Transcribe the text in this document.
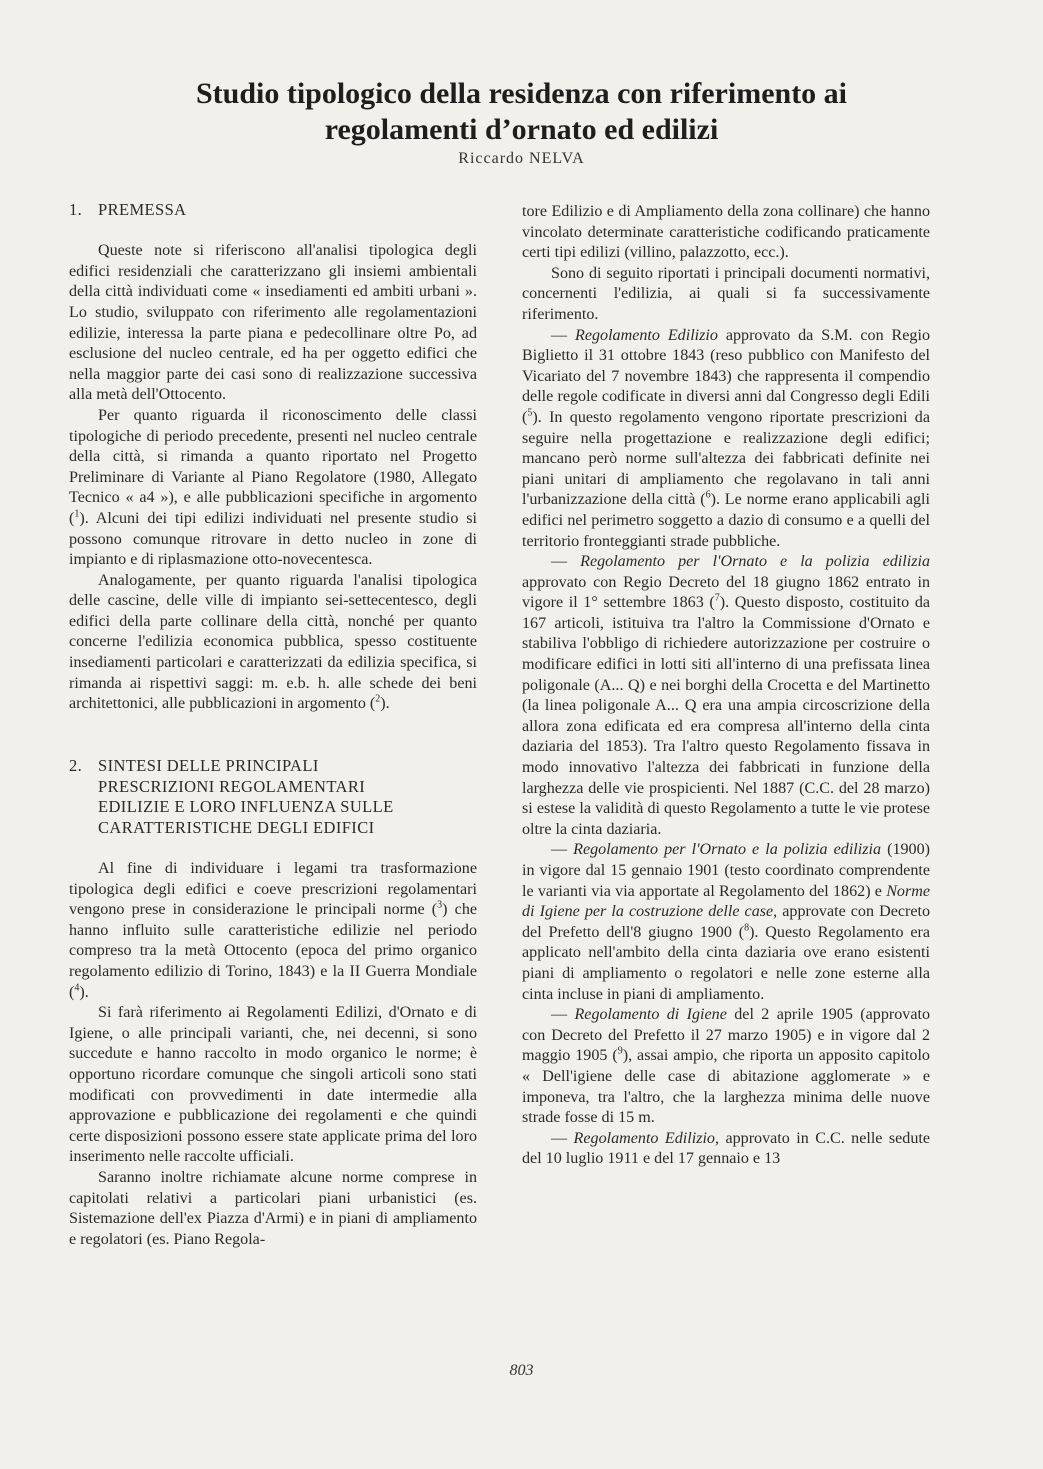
Studio tipologico della residenza con riferimento ai
regolamenti d’ornato ed edilizi
Riccardo NELVA
1. PREMESSA

Queste note si riferiscono all'analisi tipologica degli edifici residenziali che caratterizzano gli insiemi ambientali della città individuati come « insediamenti ed ambiti urbani ». Lo studio, sviluppato con riferimento alle regolamentazioni edilizie, interessa la parte piana e pedecollinare oltre Po, ad esclusione del nucleo centrale, ed ha per oggetto edifici che nella maggior parte dei casi sono di realizzazione successiva alla metà dell'Ottocento.

Per quanto riguarda il riconoscimento delle classi tipologiche di periodo precedente, presenti nel nucleo centrale della città, si rimanda a quanto riportato nel Progetto Preliminare di Variante al Piano Regolatore (1980, Allegato Tecnico « a4 »), e alle pubblicazioni specifiche in argomento ($^1$). Alcuni dei tipi edilizi individuati nel presente studio si possono comunque ritrovare in detto nucleo in zone di impianto e di riplasmazione otto-novecentesca.

Analogamente, per quanto riguarda l'analisi tipologica delle cascine, delle ville di impianto sei-settecentesco, degli edifici della parte collinare della città, nonché per quanto concerne l'edilizia economica pubblica, spesso costituente insediamenti particolari e caratterizzati da edilizia specifica, si rimanda ai rispettivi saggi: m. e.b. h. alle schede dei beni architettonici, alle pubblicazioni in argomento ($^2$).

2. SINTESI DELLE PRINCIPALI
PRESCRIZIONI REGOLAMENTARI
EDILIZIE E LORO INFLUENZA SULLE
CARATTERISTICHE DEGLI EDIFICI

Al fine di individuare i legami tra trasformazione tipologica degli edifici e coeve prescrizioni regolamentari vengono prese in considerazione le principali norme ($^3$) che hanno influito sulle caratteristiche edilizie nel periodo compreso tra la metà Ottocento (epoca del primo organico regolamento edilizio di Torino, 1843) e la II Guerra Mondiale ($^4$).

Si farà riferimento ai Regolamenti Edilizi, d'Ornato e di Igiene, o alle principali varianti, che, nei decenni, si sono succedute e hanno raccolto in modo organico le norme; è opportuno ricordare comunque che singoli articoli sono stati modificati con provvedimenti in date intermedie alla approvazione e pubblicazione dei regolamenti e che quindi certe disposizioni possono essere state applicate prima del loro inserimento nelle raccolte ufficiali.

Saranno inoltre richiamate alcune norme comprese in capitolati relativi a particolari piani urbanistici (es. Sistemazione dell'ex Piazza d'Armi) e in piani di ampliamento e regolatori (es. Piano Regola-

tore Edilizio e di Ampliamento della zona collinare) che hanno vincolato determinate caratteristiche codificando praticamente certi tipi edilizi (villino, palazzotto, ecc.).

Sono di seguito riportati i principali documenti normativi, concernenti l'edilizia, ai quali si fa successivamente riferimento.

— Regolamento Edilizio approvato da S.M. con Regio Biglietto il 31 ottobre 1843 (reso pubblico con Manifesto del Vicariato del 7 novembre 1843) che rappresenta il compendio delle regole codificate in diversi anni dal Congresso degli Edili ($^5$). In questo regolamento vengono riportate prescrizioni da seguire nella progettazione e realizzazione degli edifici; mancano però norme sull'altezza dei fabbricati definite nei piani unitari di ampliamento che regolavano in tali anni l'urbanizzazione della città ($^6$). Le norme erano applicabili agli edifici nel perimetro soggetto a dazio di consumo e a quelli del territorio fronteggianti strade pubbliche.

— Regolamento per l'Ornato e la polizia edilizia approvato con Regio Decreto del 18 giugno 1862 entrato in vigore il 1° settembre 1863 ($^7$). Questo disposto, costituito da 167 articoli, istituiva tra l'altro la Commissione d'Ornato e stabiliva l'obbligo di richiedere autorizzazione per costruire o modificare edifici in lotti siti all'interno di una prefissata linea poligonale (A... Q) e nei borghi della Crocetta e del Martinetto (la linea poligonale A... Q era una ampia circoscrizione della allora zona edificata ed era compresa all'interno della cinta daziaria del 1853). Tra l'altro questo Regolamento fissava in modo innovativo l'altezza dei fabbricati in funzione della larghezza delle vie prospicienti. Nel 1887 (C.C. del 28 marzo) si estese la validità di questo Regolamento a tutte le vie protese oltre la cinta daziaria.

— Regolamento per l'Ornato e la polizia edilizia (1900) in vigore dal 15 gennaio 1901 (testo coordinato comprendente le varianti via via apportate al Regolamento del 1862) e Norme di Igiene per la costruzione delle case, approvate con Decreto del Prefetto dell'8 giugno 1900 ($^8$). Questo Regolamento era applicato nell'ambito della cinta daziaria ove erano esistenti piani di ampliamento o regolatori e nelle zone esterne alla cinta incluse in piani di ampliamento.

— Regolamento di Igiene del 2 aprile 1905 (approvato con Decreto del Prefetto il 27 marzo 1905) e in vigore dal 2 maggio 1905 ($^9$), assai ampio, che riporta un apposito capitolo « Dell'igiene delle case di abitazione agglomerate » e imponeva, tra l'altro, che la larghezza minima delle nuove strade fosse di 15 m.

— Regolamento Edilizio, approvato in C.C. nelle sedute del 10 luglio 1911 e del 17 gennaio e 13

803
